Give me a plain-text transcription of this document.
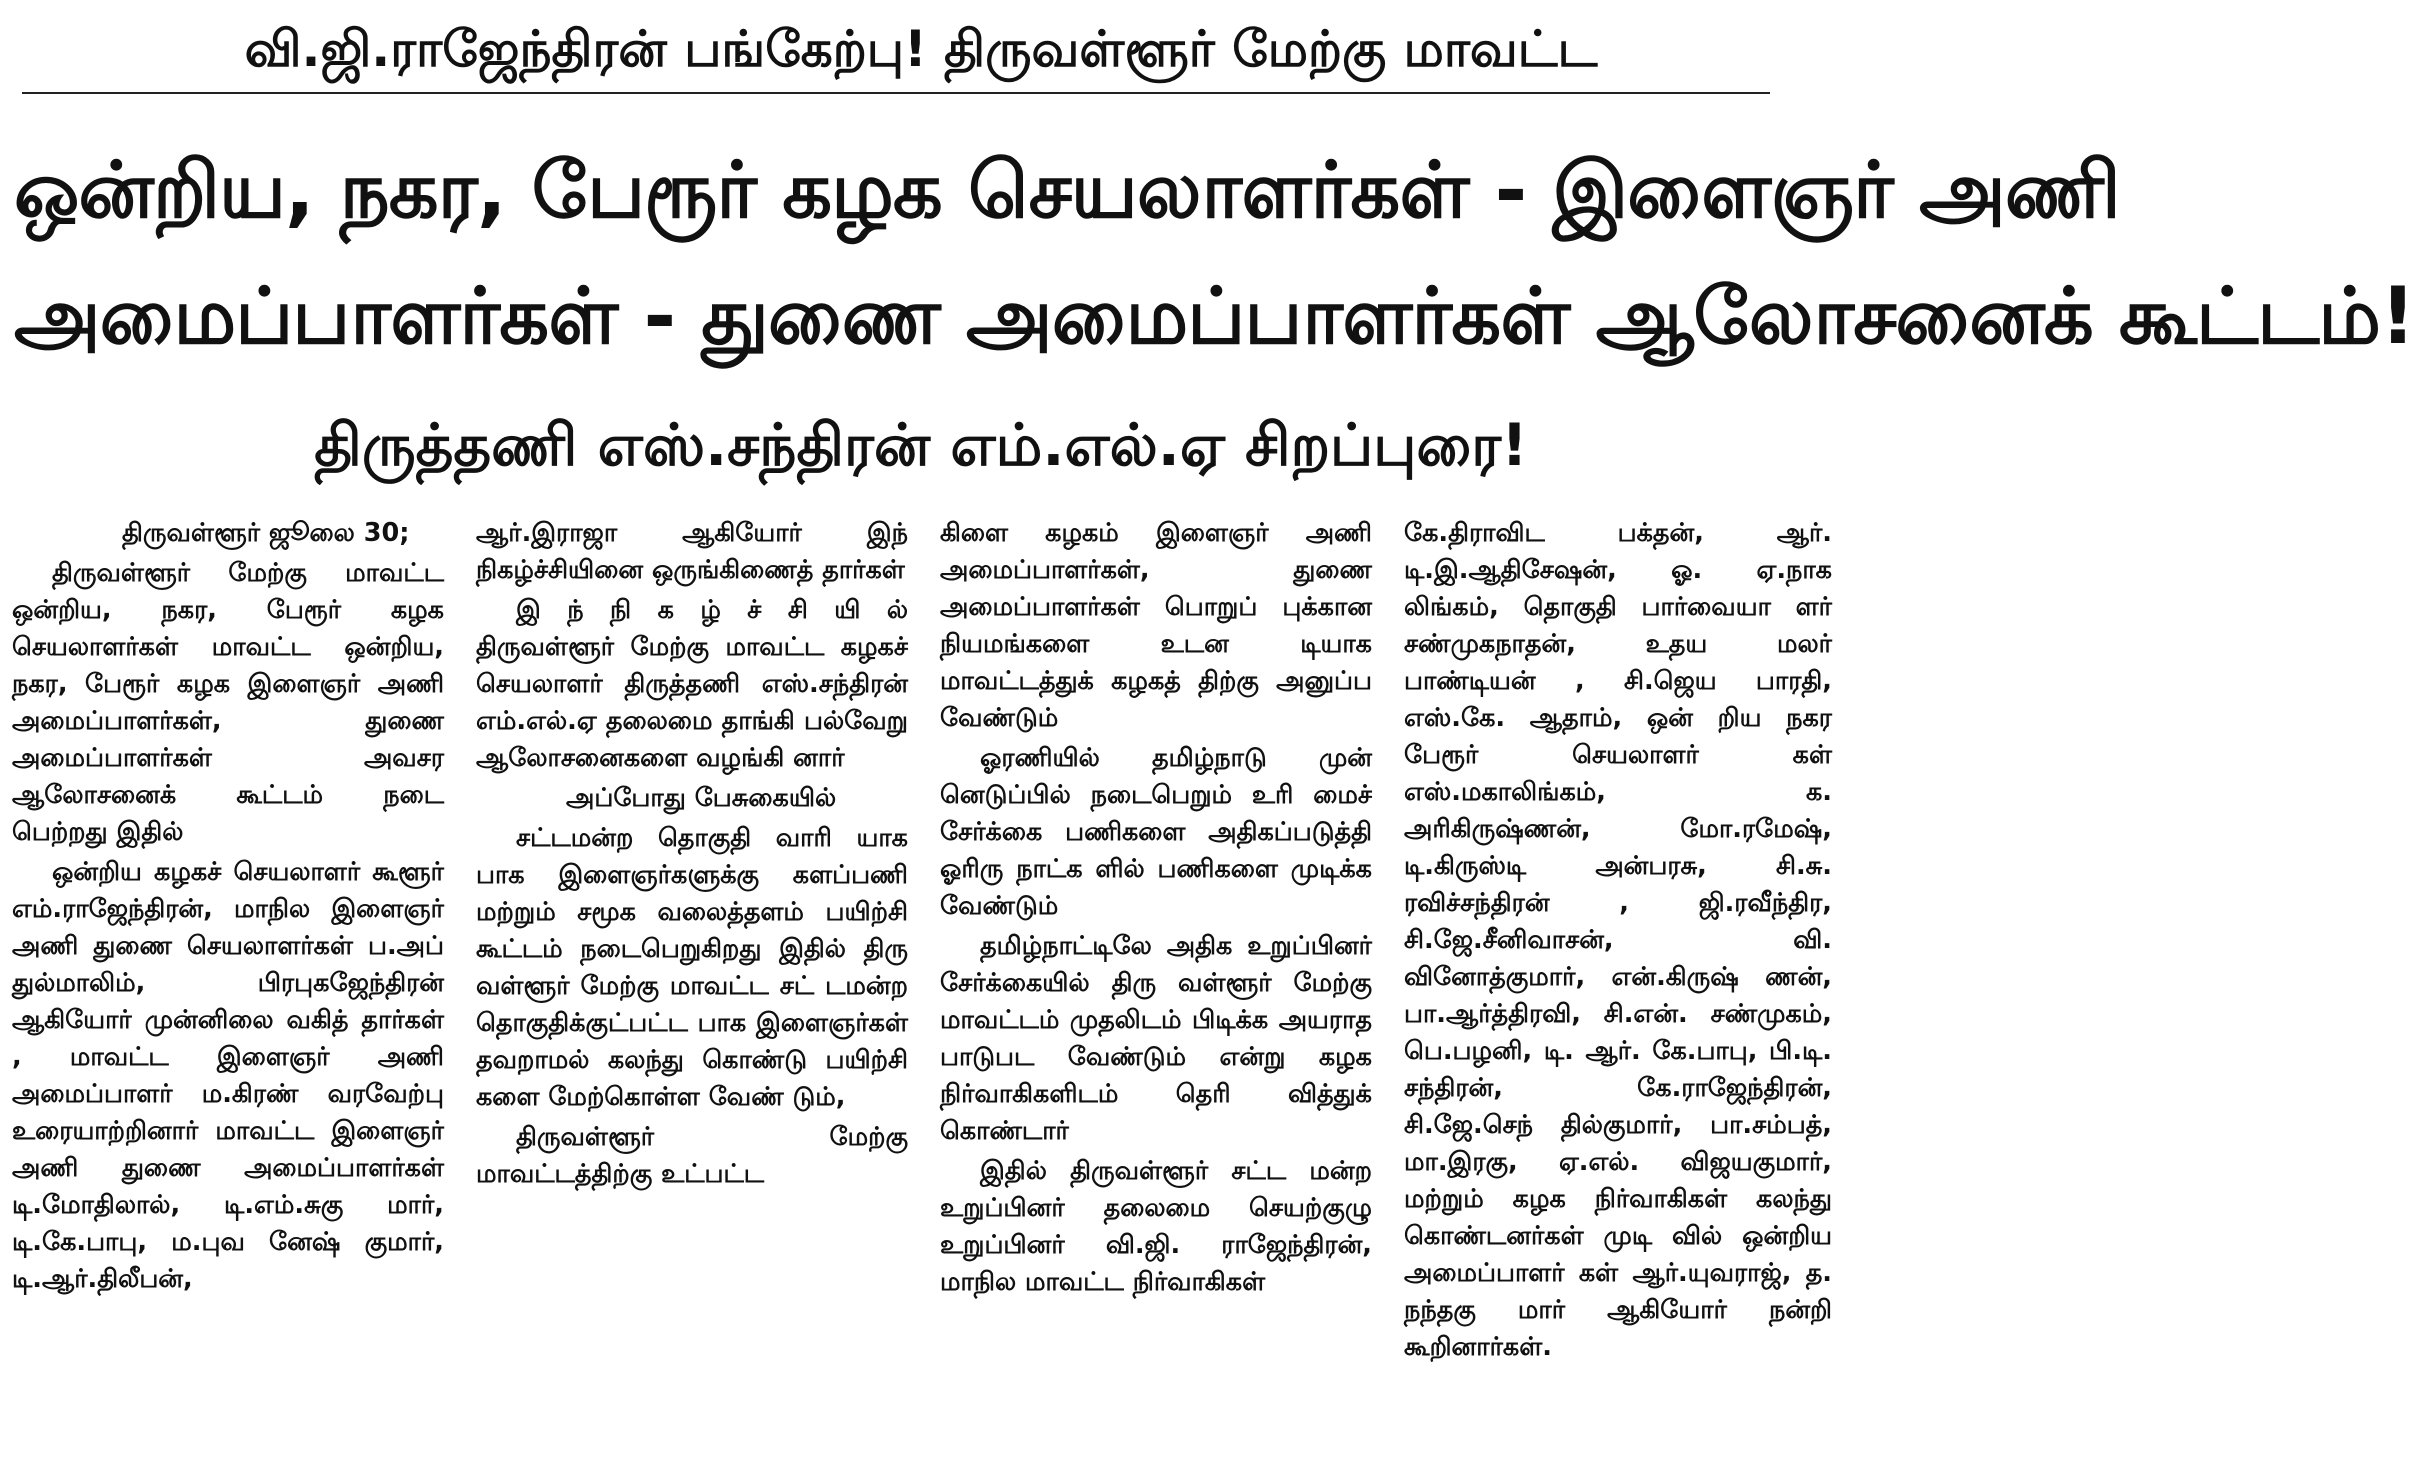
வி.ஜி.ராஜேந்திரன் பங்கேற்பு! திருவள்ளூர் மேற்கு மாவட்ட
ஒன்றிய, நகர, பேரூர் கழக செயலாளர்கள் - இளைஞர் அணி
அமைப்பாளர்கள் - துணை அமைப்பாளர்கள் ஆலோசனைக் கூட்டம்!
திருத்தணி எஸ்.சந்திரன் எம்.எல்.ஏ சிறப்புரை!

திருவள்ளூர் ஜூலை 30;

திருவள்ளூர் மேற்கு மாவட்ட ஒன்றிய, நகர, பேரூர் கழக செயலாளர்கள் மாவட்ட ஒன்றிய, நகர, பேரூர் கழக இளைஞர் அணி அமைப்பாளர்கள், துணை அமைப்பாளர்கள் அவசர ஆலோசனைக் கூட்டம் நடை பெற்றது இதில்

ஒன்றிய கழகச் செயலாளர் கூளூர் எம்.ராஜேந்திரன், மாநில இளைஞர் அணி துணை செயலாளர்கள் ப.அப் துல்மாலிம், பிரபுகஜேந்திரன் ஆகியோர் முன்னிலை வகித் தார்கள் , மாவட்ட இளைஞர் அணி அமைப்பாளர் ம.கிரண் வரவேற்பு உரையாற்றினார் மாவட்ட இளைஞர் அணி துணை அமைப்பாளர்கள் டி.மோதிலால், டி.எம்.சுகு மார், டி.கே.பாபு, ம.புவ னேஷ் குமார், டி.ஆர்.திலீபன்,

ஆர்.இராஜா ஆகியோர் இந் நிகழ்ச்சியினை ஒருங்கிணைத் தார்கள்

இ ந் நி க ழ் ச் சி யி ல் திருவள்ளூர் மேற்கு மாவட்ட கழகச் செயலாளர் திருத்தணி எஸ்.சந்திரன் எம்.எல்.ஏ தலைமை தாங்கி பல்வேறு ஆலோசனைகளை வழங்கி னார்

அப்போது பேசுகையில்

சட்டமன்ற தொகுதி வாரி யாக பாக இளைஞர்களுக்கு களப்பணி மற்றும் சமூக வலைத்தளம் பயிற்சி கூட்டம் நடைபெறுகிறது இதில் திரு வள்ளூர் மேற்கு மாவட்ட சட் டமன்ற தொகுதிக்குட்பட்ட பாக இளைஞர்கள் தவறாமல் கலந்து கொண்டு பயிற்சி களை மேற்கொள்ள வேண் டும்,

திருவள்ளூர் மேற்கு மாவட்டத்திற்கு உட்பட்ட

கிளை கழகம் இளைஞர் அணி அமைப்பாளர்கள், துணை அமைப்பாளர்கள் பொறுப் புக்கான நியமங்களை உடன டியாக மாவட்டத்துக் கழகத் திற்கு அனுப்ப வேண்டும்

ஓரணியில் தமிழ்நாடு முன் னெடுப்பில் நடைபெறும் உரி மைச் சேர்க்கை பணிகளை அதிகப்படுத்தி ஓரிரு நாட்க ளில் பணிகளை முடிக்க வேண்டும்

தமிழ்நாட்டிலே அதிக உறுப்பினர் சேர்க்கையில் திரு வள்ளூர் மேற்கு மாவட்டம் முதலிடம் பிடிக்க அயராத பாடுபட வேண்டும் என்று கழக நிர்வாகிகளிடம் தெரி வித்துக் கொண்டார்

இதில் திருவள்ளூர் சட்ட மன்ற உறுப்பினர் தலைமை செயற்குழு உறுப்பினர் வி.ஜி. ராஜேந்திரன், மாநில மாவட்ட நிர்வாகிகள்

கே.திராவிட பக்தன், ஆர். டி.இ.ஆதிசேஷன், ஓ. ஏ.நாக லிங்கம், தொகுதி பார்வையா ளர் சண்முகநாதன், உதய மலர் பாண்டியன் , சி.ஜெய பாரதி, எஸ்.கே. ஆதாம், ஒன் றிய நகர பேரூர் செயலாளர் கள் எஸ்.மகாலிங்கம், க. அரிகிருஷ்ணன், மோ.ரமேஷ், டி.கிருஸ்டி அன்பரசு, சி.சு. ரவிச்சந்திரன் , ஜி.ரவீந்திர, சி.ஜே.சீனிவாசன், வி. வினோத்குமார், என்.கிருஷ் ணன், பா.ஆர்த்திரவி, சி.என். சண்முகம், பெ.பழனி, டி. ஆர். கே.பாபு, பி.டி. சந்திரன், கே.ராஜேந்திரன், சி.ஜே.செந் தில்குமார், பா.சம்பத், மா.இரகு, ஏ.எல். விஜயகுமார், மற்றும் கழக நிர்வாகிகள் கலந்து கொண்டனர்கள் முடி வில் ஒன்றிய அமைப்பாளர் கள் ஆர்.யுவராஜ், த. நந்தகு மார் ஆகியோர் நன்றி கூறினார்கள்.
